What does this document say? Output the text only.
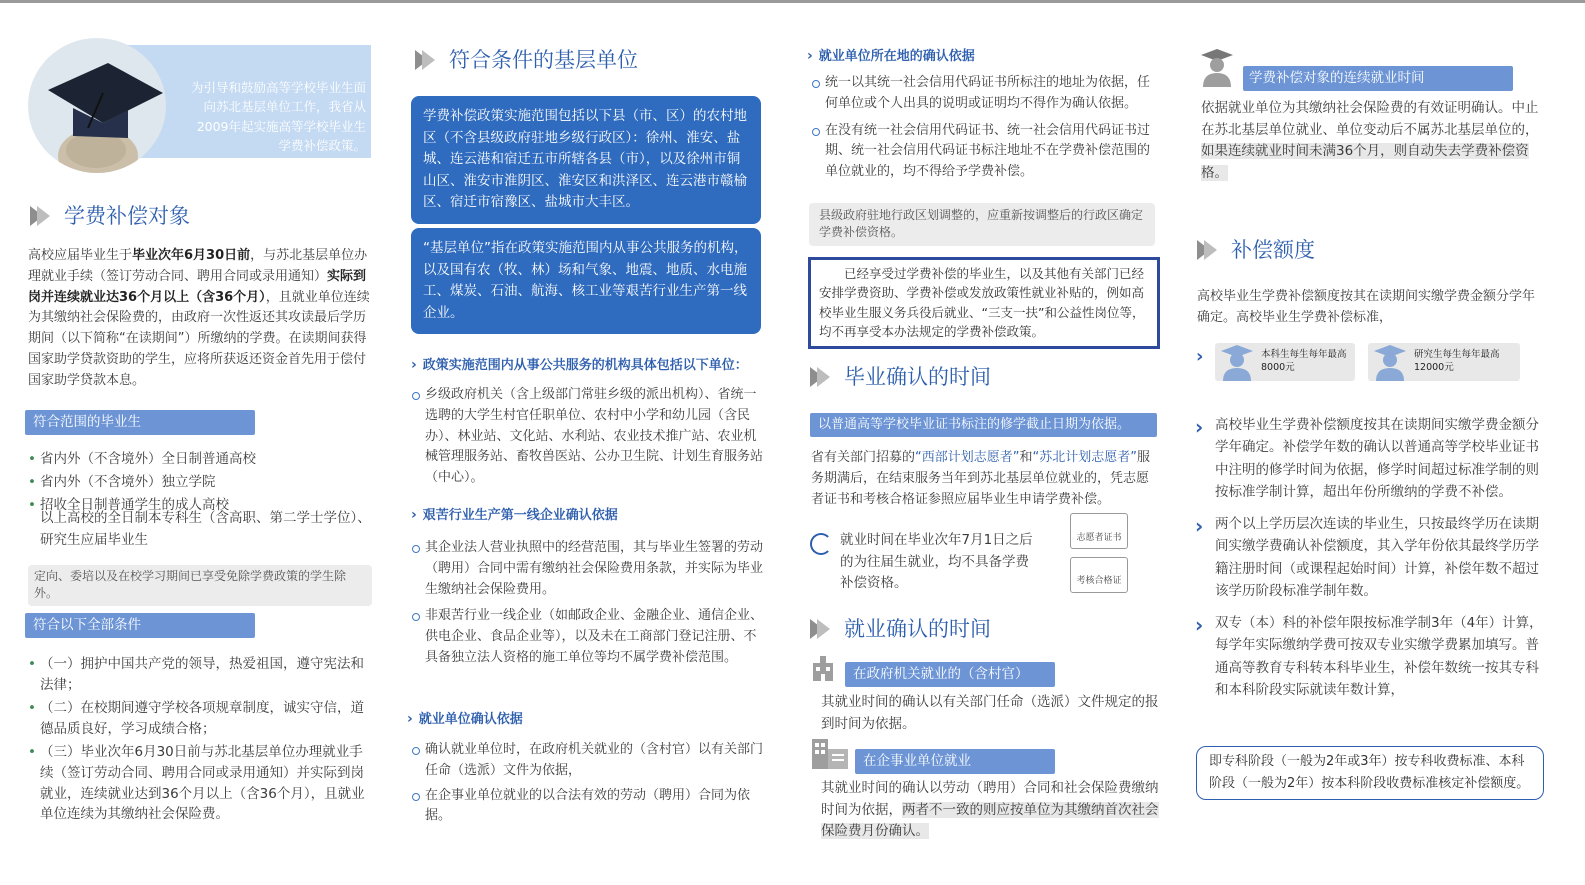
为引导和鼓励高等学校毕业生面向苏北基层单位工作，我省从2009年起实施高等学校毕业生学费补偿政策。
学费补偿对象
高校应届毕业生于毕业次年6月30日前，与苏北基层单位办理就业手续（签订劳动合同、聘用合同或录用通知）实际到岗并连续就业达36个月以上（含36个月），且就业单位连续为其缴纳社会保险费的，由政府一次性返还其攻读最后学历期间（以下简称“在读期间”）所缴纳的学费。在读期间获得国家助学贷款资助的学生，应将所获返还资金首先用于偿付国家助学贷款本息。
符合范围的毕业生
• 省内外（不含境外）全日制普通高校
• 省内外（不含境外）独立学院
• 招收全日制普通学生的成人高校
以上高校的全日制本专科生（含高职、第二学士学位）、研究生应届毕业生
定向、委培以及在校学习期间已享受免除学费政策的学生除外。
符合以下全部条件
• （一）拥护中国共产党的领导，热爱祖国，遵守宪法和法律；
• （二）在校期间遵守学校各项规章制度，诚实守信，道德品质良好，学习成绩合格；
• （三）毕业次年6月30日前与苏北基层单位办理就业手续（签订劳动合同、聘用合同或录用通知）并实际到岗就业，连续就业达到36个月以上（含36个月），且就业单位连续为其缴纳社会保险费。
符合条件的基层单位
学费补偿政策实施范围包括以下县（市、区）的农村地区（不含县级政府驻地乡级行政区）：徐州、淮安、盐城、连云港和宿迁五市所辖各县（市），以及徐州市铜山区、淮安市淮阴区、淮安区和洪泽区、连云港市赣榆区、宿迁市宿豫区、盐城市大丰区。
“基层单位”指在政策实施范围内从事公共服务的机构，以及国有农（牧、林）场和气象、地震、地质、水电施工、煤炭、石油、航海、核工业等艰苦行业生产第一线企业。
› 政策实施范围内从事公共服务的机构具体包括以下单位：
乡级政府机关（含上级部门常驻乡级的派出机构）、省统一选聘的大学生村官任职单位、农村中小学和幼儿园（含民办）、林业站、文化站、水利站、农业技术推广站、农业机械管理服务站、畜牧兽医站、公办卫生院、计划生育服务站（中心）。
› 艰苦行业生产第一线企业确认依据
其企业法人营业执照中的经营范围，其与毕业生签署的劳动（聘用）合同中需有缴纳社会保险费用条款，并实际为毕业生缴纳社会保险费用。
非艰苦行业一线企业（如邮政企业、金融企业、通信企业、供电企业、食品企业等），以及未在工商部门登记注册、不具备独立法人资格的施工单位等均不属学费补偿范围。
› 就业单位确认依据
确认就业单位时，在政府机关就业的（含村官）以有关部门任命（选派）文件为依据，
在企事业单位就业的以合法有效的劳动（聘用）合同为依据。
› 就业单位所在地的确认依据
统一以其统一社会信用代码证书所标注的地址为依据，任何单位或个人出具的说明或证明均不得作为确认依据。
在没有统一社会信用代码证书、统一社会信用代码证书过期、统一社会信用代码证书标注地址不在学费补偿范围的单位就业的，均不得给予学费补偿。
县级政府驻地行政区划调整的，应重新按调整后的行政区确定学费补偿资格。
已经享受过学费补偿的毕业生，以及其他有关部门已经安排学费资助、学费补偿或发放政策性就业补贴的，例如高校毕业生服义务兵役后就业、“三支一扶”和公益性岗位等，均不再享受本办法规定的学费补偿政策。
毕业确认的时间
以普通高等学校毕业证书标注的修学截止日期为依据。
省有关部门招募的“西部计划志愿者”和“苏北计划志愿者”服务期满后，在结束服务当年到苏北基层单位就业的，凭志愿者证书和考核合格证参照应届毕业生申请学费补偿。
就业时间在毕业次年7月1日之后的为往届生就业，均不具备学费补偿资格。
志愿者证书
考核合格证
就业确认的时间
在政府机关就业的（含村官）
其就业时间的确认以有关部门任命（选派）文件规定的报到时间为依据。
在企事业单位就业
其就业时间的确认以劳动（聘用）合同和社会保险费缴纳时间为依据，两者不一致的则应按单位为其缴纳首次社会保险费月份确认。
学费补偿对象的连续就业时间
依据就业单位为其缴纳社会保险费的有效证明确认。中止在苏北基层单位就业、单位变动后不属苏北基层单位的，如果连续就业时间未满36个月，则自动失去学费补偿资格。
补偿额度
高校毕业生学费补偿额度按其在读期间实缴学费金额分学年确定。高校毕业生学费补偿标准，
›	本科生每生每年最高8000元
研究生每生每年最高12000元
› 高校毕业生学费补偿额度按其在读期间实缴学费金额分学年确定。补偿学年数的确认以普通高等学校毕业证书中注明的修学时间为依据，修学时间超过标准学制的则按标准学制计算，超出年份所缴纳的学费不补偿。
› 两个以上学历层次连读的毕业生，只按最终学历在读期间实缴学费确认补偿额度，其入学年份依其最终学历学籍注册时间（或课程起始时间）计算，补偿年数不超过该学历阶段标准学制年数。
› 双专（本）科的补偿年限按标准学制3年（4年）计算，每学年实际缴纳学费可按双专业实缴学费累加填写。普通高等教育专科转本科毕业生，补偿年数统一按其专科和本科阶段实际就读年数计算，
即专科阶段（一般为2年或3年）按专科收费标准、本科阶段（一般为2年）按本科阶段收费标准核定补偿额度。
